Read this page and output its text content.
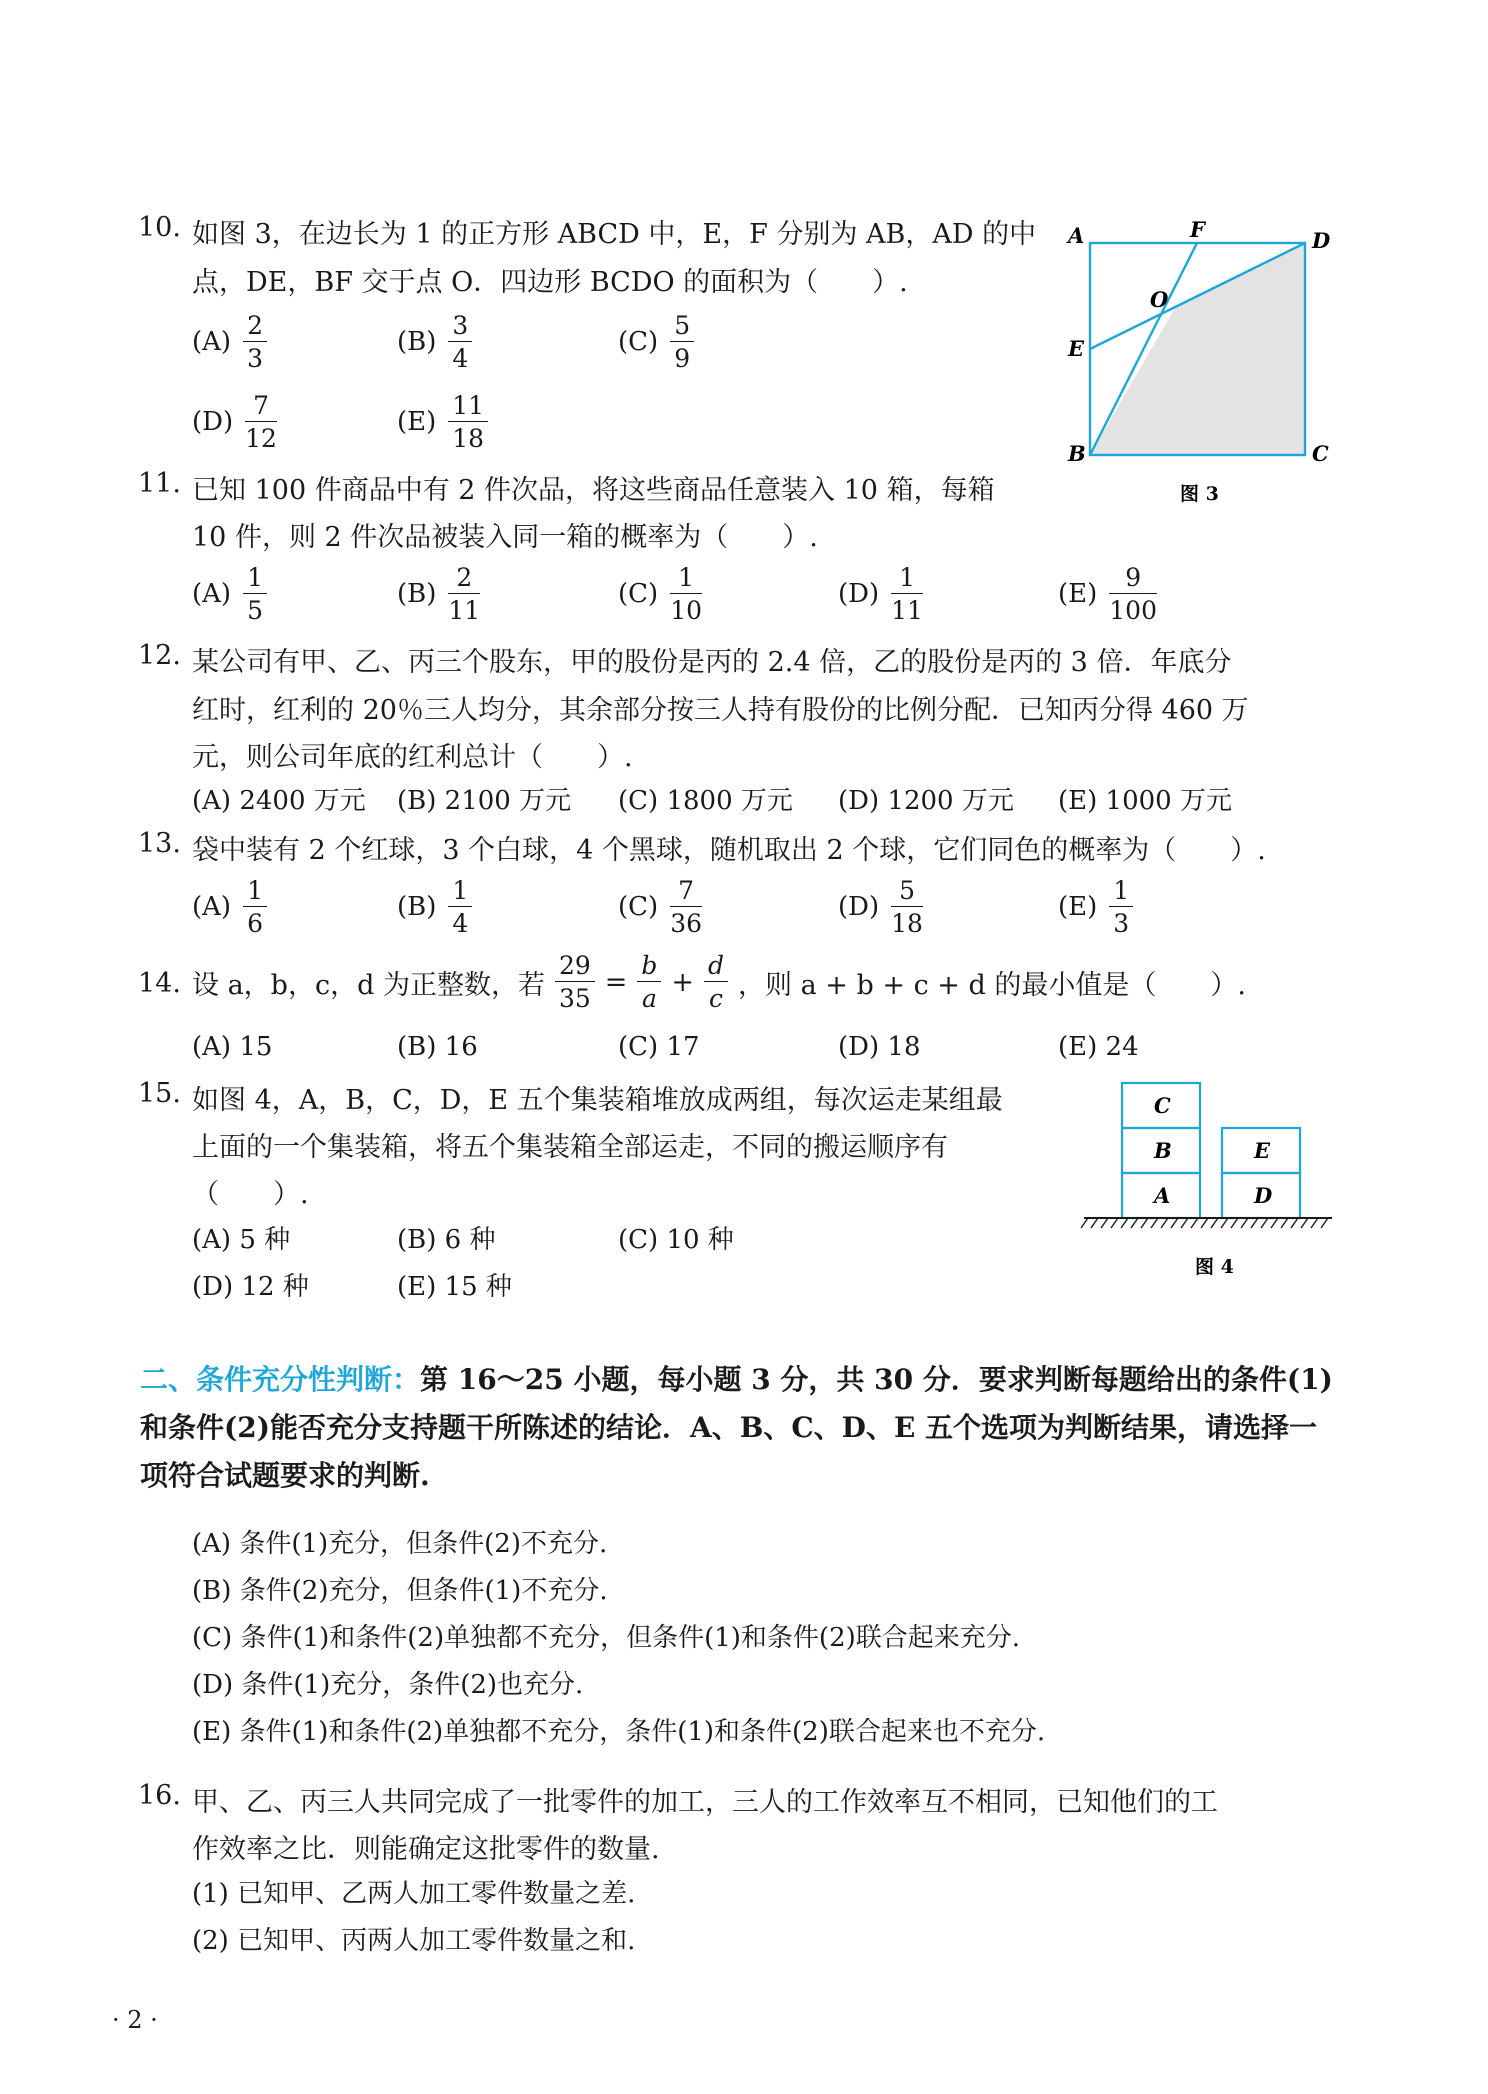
10. 如图 3，在边长为 1 的正方形 ABCD 中，E，F 分别为 AB，AD 的中
点，DE，BF 交于点 O．四边形 BCDO 的面积为（　　）.
$(A) \frac{2}{3}$	$(B) \frac{3}{4}$	$(C) \frac{5}{9}$
$(D) \frac{7}{12}$	$(E) \frac{11}{18}$
A	F	D
O
E
B	C
图 3
11. 已知 100 件商品中有 2 件次品，将这些商品任意装入 10 箱，每箱
10 件，则 2 件次品被装入同一箱的概率为（　　）.
$(A) \frac{1}{5}$	$(B) \frac{2}{11}$	$(C) \frac{1}{10}$	$(D) \frac{1}{11}$	$(E) \frac{9}{100}$
12. 某公司有甲、乙、丙三个股东，甲的股份是丙的 2.4 倍，乙的股份是丙的 3 倍．年底分
红时，红利的 20％三人均分，其余部分按三人持有股份的比例分配．已知丙分得 460 万
元，则公司年底的红利总计（　　）.
(A) 2400 万元 (B) 2100 万元 (C) 1800 万元 (D) 1200 万元 (E) 1000 万元
13. 袋中装有 2 个红球，3 个白球，4 个黑球，随机取出 2 个球，它们同色的概率为（　　）.
$(A) \frac{1}{6}$	$(B) \frac{1}{4}$	$(C) \frac{7}{36}$	$(D) \frac{5}{18}$	$(E) \frac{1}{3}$
14. 设 a，b，c，d 为正整数，若 $\frac{29}{35} = \frac{b}{a} + \frac{d}{c}$ ，则 a + b + c + d 的最小值是（　　）.
(A) 15	(B) 16	(C) 17	(D) 18	(E) 24
15. 如图 4，A，B，C，D，E 五个集装箱堆放成两组，每次运走某组最
上面的一个集装箱，将五个集装箱全部运走，不同的搬运顺序有
（　　）.
(A) 5 种	(B) 6 种	(C) 10 种
(D) 12 种	(E) 15 种
C
B
A
E
D
图 4
二、条件充分性判断：第 16～25 小题，每小题 3 分，共 30 分．要求判断每题给出的条件(1)和条件(2)能否充分支持题干所陈述的结论．A、B、C、D、E 五个选项为判断结果，请选择一项符合试题要求的判断.
(A) 条件(1)充分，但条件(2)不充分.
(B) 条件(2)充分，但条件(1)不充分.
(C) 条件(1)和条件(2)单独都不充分，但条件(1)和条件(2)联合起来充分.
(D) 条件(1)充分，条件(2)也充分.
(E) 条件(1)和条件(2)单独都不充分，条件(1)和条件(2)联合起来也不充分.
16. 甲、乙、丙三人共同完成了一批零件的加工，三人的工作效率互不相同，已知他们的工
作效率之比．则能确定这批零件的数量.
(1) 已知甲、乙两人加工零件数量之差.
(2) 已知甲、丙两人加工零件数量之和.
· 2 ·
